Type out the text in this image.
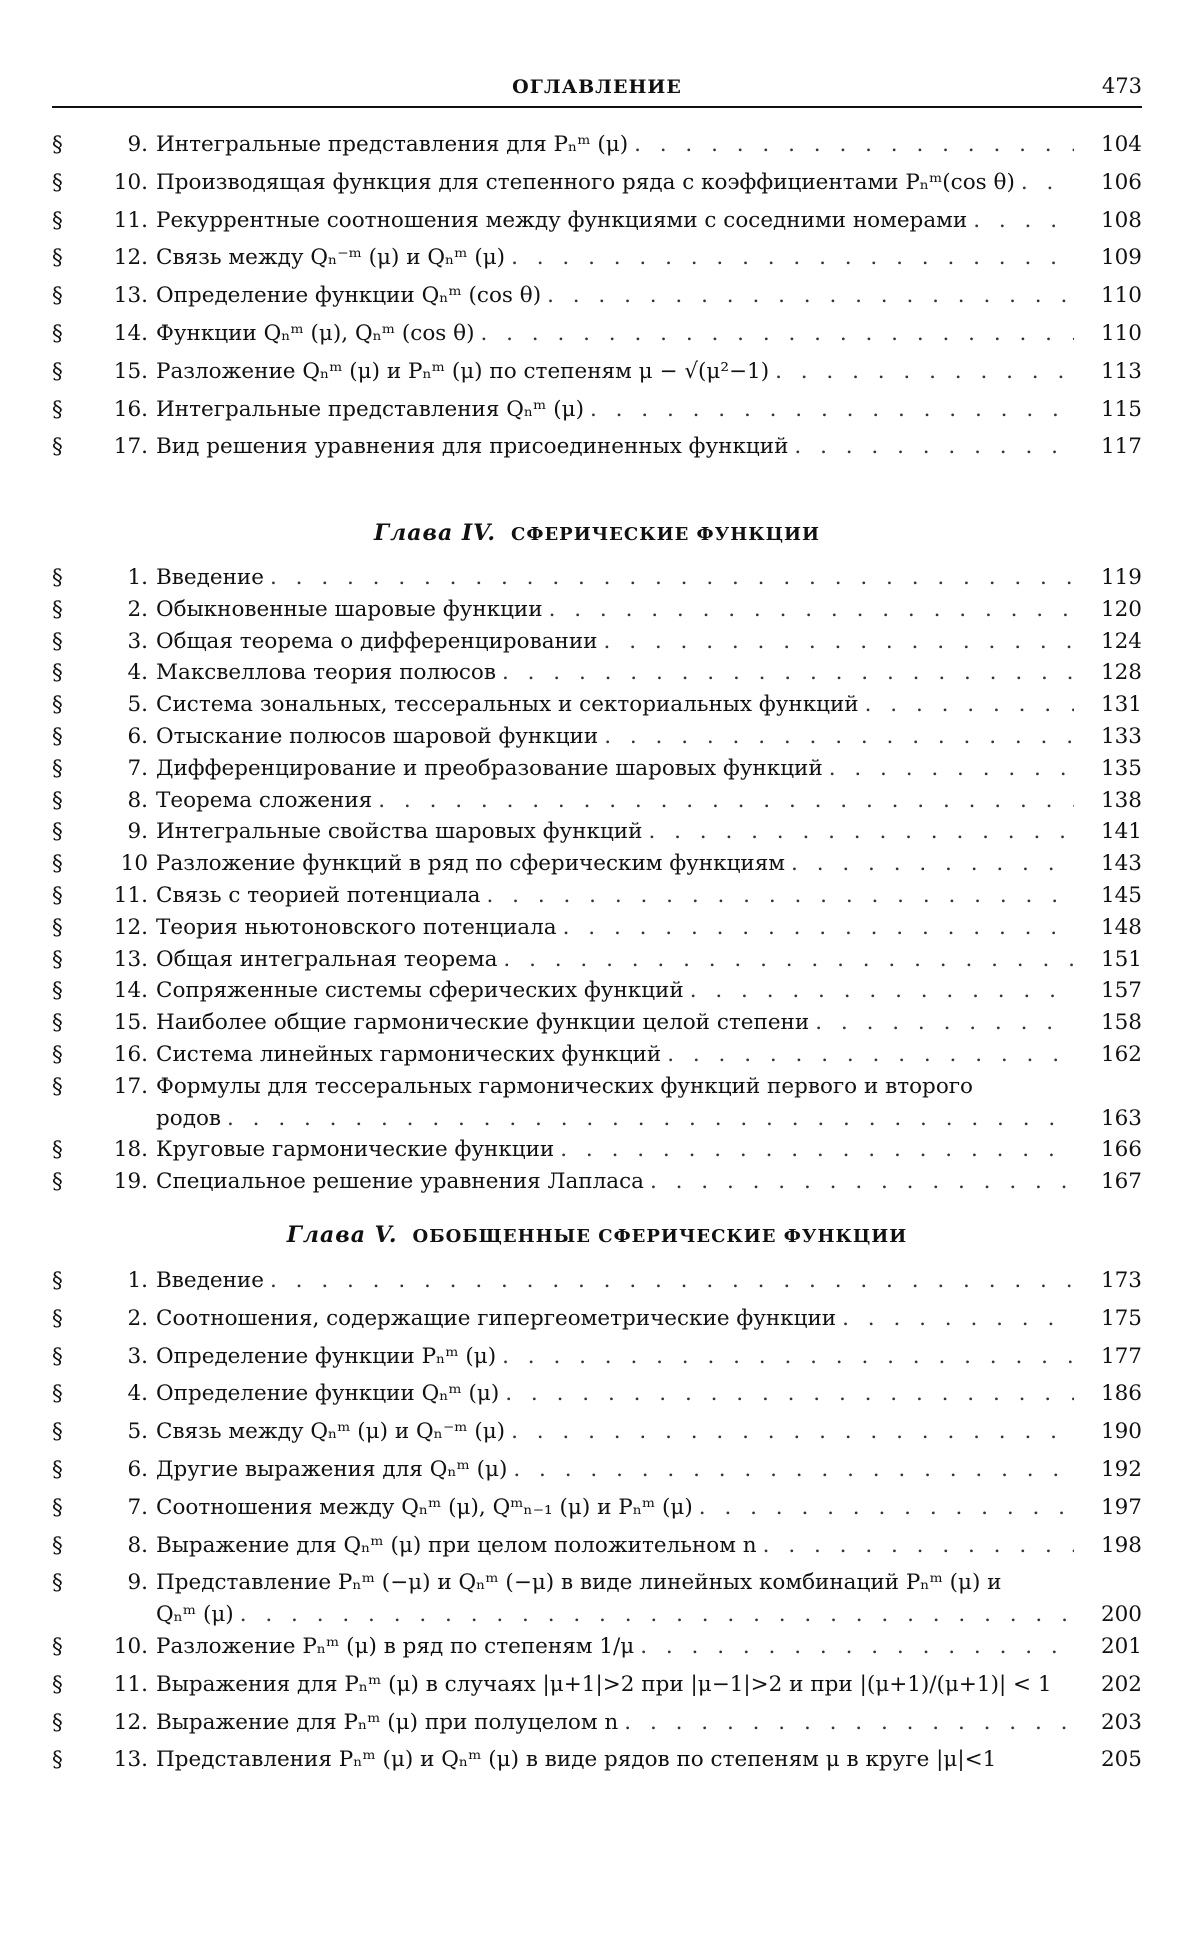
ОГЛАВЛЕНИЕ	473
§	9. Интегральные представления для Pₙᵐ (μ) . . .	104
§	10. Производящая функция для степенного ряда с коэффициентами Pₙᵐ(cos θ) . . .	106
§	11. Рекуррентные соотношения между функциями с соседними номерами . . .	108
§	12. Связь между Qₙ⁻ᵐ (μ) и Qₙᵐ (μ) . . .	109
§	13. Определение функции Qₙᵐ (cos θ) . . .	110
§	14. Функции Qₙᵐ (μ), Qₙᵐ (cos θ) . . .	110
§	15. Разложение Qₙᵐ (μ) и Pₙᵐ (μ) по степеням μ − √(μ²−1) . . .	113
§	16. Интегральные представления Qₙᵐ (μ) . . .	115
§	17. Вид решения уравнения для присоединенных функций . . .	117
Глава IV. СФЕРИЧЕСКИЕ ФУНКЦИИ
§	1. Введение . . .	119
§	2. Обыкновенные шаровые функции . . .	120
§	3. Общая теорема о дифференцировании . . .	124
§	4. Максвеллова теория полюсов . . .	128
§	5. Система зональных, тессеральных и секториальных функций . . .	131
§	6. Отыскание полюсов шаровой функции . . .	133
§	7. Дифференцирование и преобразование шаровых функций . . .	135
§	8. Теорема сложения . . .	138
§	9. Интегральные свойства шаровых функций . . .	141
§	10 Разложение функций в ряд по сферическим функциям . . .	143
§	11. Связь с теорией потенциала . . .	145
§	12. Теория ньютоновского потенциала . . .	148
§	13. Общая интегральная теорема . . .	151
§	14. Сопряженные системы сферических функций . . .	157
§	15. Наиболее общие гармонические функции целой степени . . .	158
§	16. Система линейных гармонических функций . . .	162
§	17. Формулы для тессеральных гармонических функций первого и второго
родов . . .	163
§	18. Круговые гармонические функции . . .	166
§	19. Специальное решение уравнения Лапласа . . .	167
Глава V. ОБОБЩЕННЫЕ СФЕРИЧЕСКИЕ ФУНКЦИИ
§	1. Введение . . .	173
§	2. Соотношения, содержащие гипергеометрические функции . . .	175
§	3. Определение функции Pₙᵐ (μ) . . .	177
§	4. Определение функции Qₙᵐ (μ) . . .	186
§	5. Связь между Qₙᵐ (μ) и Qₙ⁻ᵐ (μ) . . .	190
§	6. Другие выражения для Qₙᵐ (μ) . . .	192
§	7. Соотношения между Qₙᵐ (μ), Qᵐₙ₋₁ (μ) и Pₙᵐ (μ) . . .	197
§	8. Выражение для Qₙᵐ (μ) при целом положительном n . . .	198
§	9. Представление Pₙᵐ (−μ) и Qₙᵐ (−μ) в виде линейных комбинаций Pₙᵐ (μ) и
Qₙᵐ (μ) . . .	200
§	10. Разложение Pₙᵐ (μ) в ряд по степеням 1/μ . . .	201
§	11. Выражения для Pₙᵐ (μ) в случаях |μ+1|>2 при |μ−1|>2 и при |(μ+1)/(μ+1)| < 1	202
§	12. Выражение для Pₙᵐ (μ) при полуцелом n . . .	203
§	13. Представления Pₙᵐ (μ) и Qₙᵐ (μ) в виде рядов по степеням μ в круге |μ|<1	205
